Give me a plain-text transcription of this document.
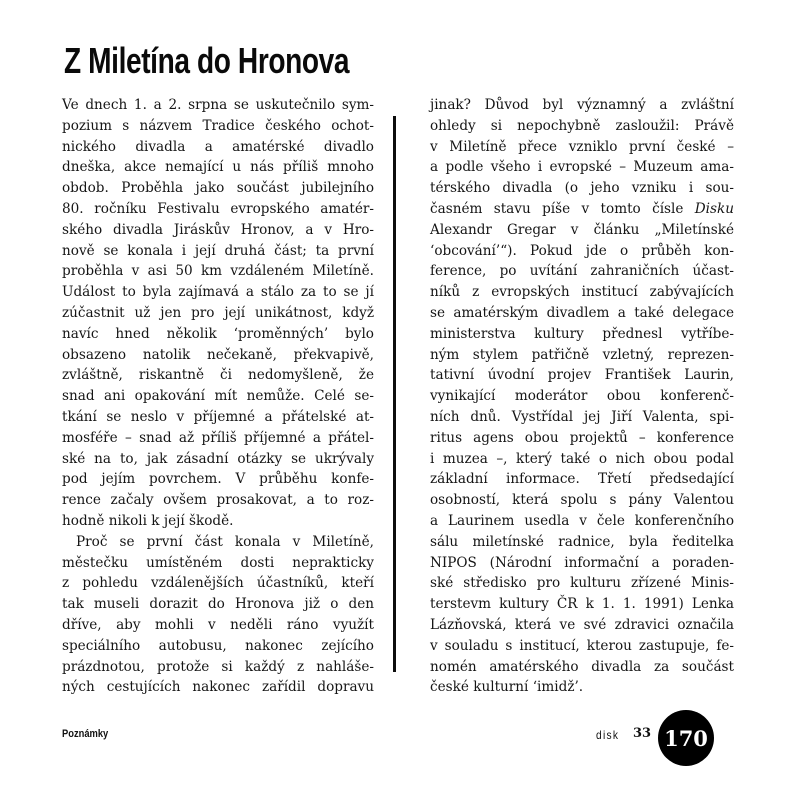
Z Miletína do Hronova
Ve dnech 1. a 2. srpna se uskutečnilo sym-
pozium s názvem Tradice českého ochot-
nického divadla a amatérské divadlo
dneška, akce nemající u nás příliš mnoho
obdob. Proběhla jako součást jubilejního
80. ročníku Festivalu evropského amatér-
ského divadla Jiráskův Hronov, a v Hro-
nově se konala i její druhá část; ta první
proběhla v asi 50 km vzdáleném Miletíně.
Událost to byla zajímavá a stálo za to se jí
zúčastnit už jen pro její unikátnost, když
navíc hned několik ‘proměnných’ bylo
obsazeno natolik nečekaně, překvapivě,
zvláštně, riskantně či nedomyšleně, že
snad ani opakování mít nemůže. Celé se-
tkání se neslo v příjemné a přátelské at-
mosféře – snad až příliš příjemné a přátel-
ské na to, jak zásadní otázky se ukrývaly
pod jejím povrchem. V průběhu konfe-
rence začaly ovšem prosakovat, a to roz-
hodně nikoli k její škodě.
Proč se první část konala v Miletíně,
městečku umístěném dosti neprakticky
z pohledu vzdálenějších účastníků, kteří
tak museli dorazit do Hronova již o den
dříve, aby mohli v neděli ráno využít
speciálního autobusu, nakonec zejícího
prázdnotou, protože si každý z nahláše-
ných cestujících nakonec zařídil dopravu
jinak? Důvod byl významný a zvláštní
ohledy si nepochybně zasloužil: Právě
v Miletíně přece vzniklo první české –
a podle všeho i evropské – Muzeum ama-
térského divadla (o jeho vzniku i sou-
časném stavu píše v tomto čísle Disku
Alexandr Gregar v článku „Miletínské
‘obcování’“). Pokud jde o průběh kon-
ference, po uvítání zahraničních účast-
níků z evropských institucí zabývajících
se amatérským divadlem a také delegace
ministerstva kultury přednesl vytříbe-
ným stylem patřičně vzletný, reprezen-
tativní úvodní projev František Laurin,
vynikající moderátor obou konferenč-
ních dnů. Vystřídal jej Jiří Valenta, spi-
ritus agens obou projektů – konference
i muzea –, který také o nich obou podal
základní informace. Třetí předsedající
osobností, která spolu s pány Valentou
a Laurinem usedla v čele konferenčního
sálu miletínské radnice, byla ředitelka
NIPOS (Národní informační a poraden-
ské středisko pro kulturu zřízené Minis-
terstevm kultury ČR k 1. 1. 1991) Lenka
Lázňovská, která ve své zdravici označila
v souladu s institucí, kterou zastupuje, fe-
nomén amatérského divadla za součást
české kulturní ‘imidž’.
Poznámky	disk 33 170
